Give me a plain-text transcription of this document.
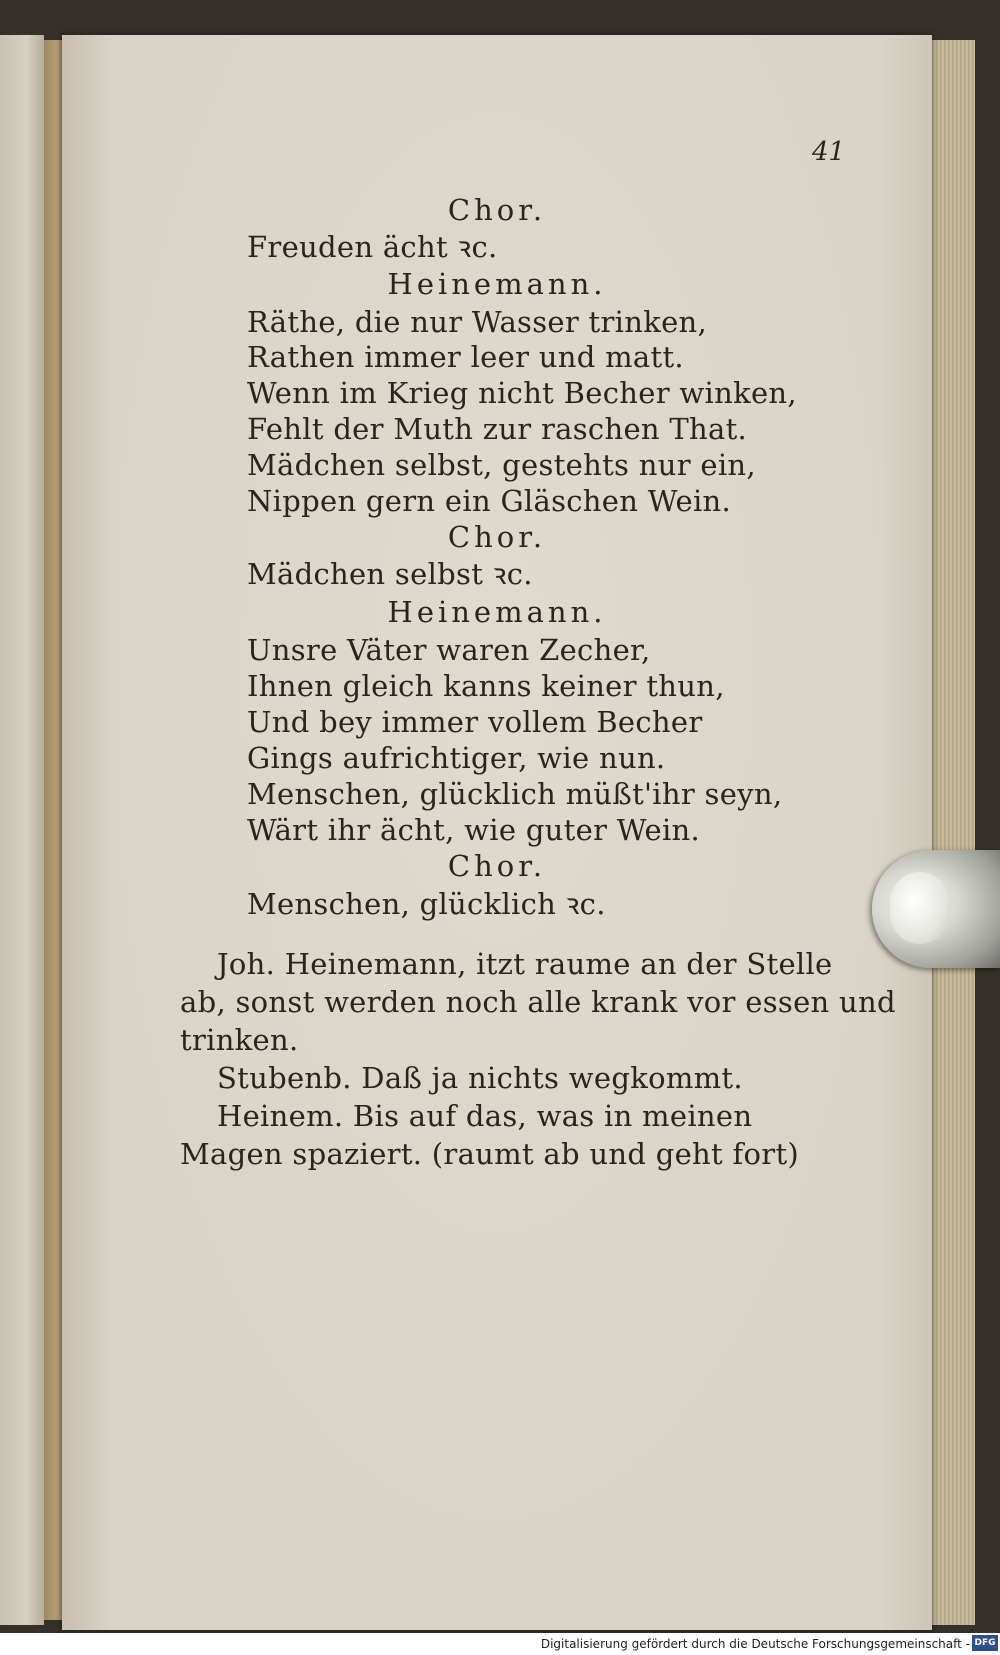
41
Chor.
Freuden ächt ꝛc.
Heinemann.
Räthe, die nur Wasser trinken,
Rathen immer leer und matt.
Wenn im Krieg nicht Becher winken,
Fehlt der Muth zur raschen That.
Mädchen selbst, gestehts nur ein,
Nippen gern ein Gläschen Wein.
Chor.
Mädchen selbst ꝛc.
Heinemann.
Unsre Väter waren Zecher,
Ihnen gleich kanns keiner thun,
Und bey immer vollem Becher
Gings aufrichtiger, wie nun.
Menschen, glücklich müßt'ihr seyn,
Wärt ihr ächt, wie guter Wein.
Chor.
Menschen, glücklich ꝛc.
Joh. Heinemann, itzt raume an der Stelle
ab, sonst werden noch alle krank vor essen und
trinken.
Stubenb. Daß ja nichts wegkommt.
Heinem. Bis auf das, was in meinen
Magen spaziert. (raumt ab und geht fort)
Digitalisierung gefördert durch die Deutsche Forschungsgemeinschaft - DFG
